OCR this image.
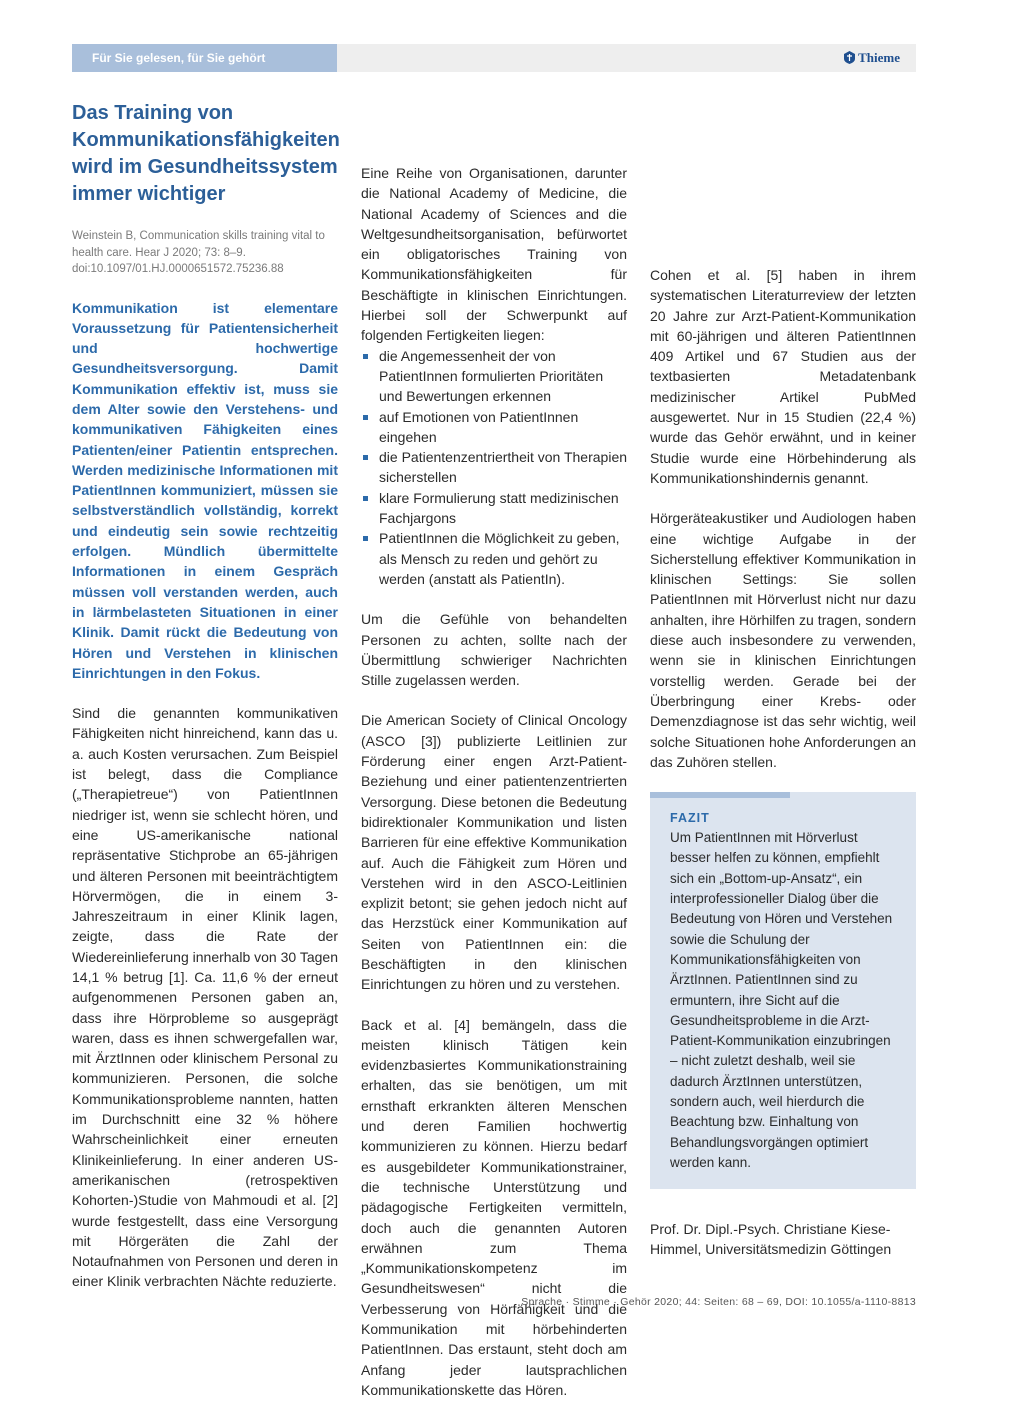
Für Sie gelesen, für Sie gehört	Thieme
Das Training von Kommunikationsfähigkeiten wird im Gesundheitssystem immer wichtiger
Weinstein B, Communication skills training vital to health care. Hear J 2020; 73: 8–9. doi:10.1097/01.HJ.0000651572.75236.88
Kommunikation ist elementare Voraussetzung für Patientensicherheit und hochwertige Gesundheitsversorgung. Damit Kommunikation effektiv ist, muss sie dem Alter sowie den Verstehens- und kommunikativen Fähigkeiten eines Patienten/einer Patientin entsprechen. Werden medizinische Informationen mit PatientInnen kommuniziert, müssen sie selbstverständlich vollständig, korrekt und eindeutig sein sowie rechtzeitig erfolgen. Mündlich übermittelte Informationen in einem Gespräch müssen voll verstanden werden, auch in lärmbelasteten Situationen in einer Klinik. Damit rückt die Bedeutung von Hören und Verstehen in klinischen Einrichtungen in den Fokus.

Sind die genannten kommunikativen Fähigkeiten nicht hinreichend, kann das u. a. auch Kosten verursachen. Zum Beispiel ist belegt, dass die Compliance („Therapietreue“) von PatientInnen niedriger ist, wenn sie schlecht hören, und eine US-amerikanische national repräsentative Stichprobe an 65-jährigen und älteren Personen mit beeinträchtigtem Hörvermögen, die in einem 3-Jahreszeitraum in einer Klinik lagen, zeigte, dass die Rate der Wiedereinlieferung innerhalb von 30 Tagen 14,1 % betrug [1]. Ca. 11,6 % der erneut aufgenommenen Personen gaben an, dass ihre Hörprobleme so ausgeprägt waren, dass es ihnen schwergefallen war, mit ÄrztInnen oder klinischem Personal zu kommunizieren. Personen, die solche Kommunikationsprobleme nannten, hatten im Durchschnitt eine 32 % höhere Wahrscheinlichkeit einer erneuten Klinikeinlieferung. In einer anderen US-amerikanischen (retrospektiven Kohorten-)Studie von Mahmoudi et al. [2] wurde festgestellt, dass eine Versorgung mit Hörgeräten die Zahl der Notaufnahmen von Personen und deren in einer Klinik verbrachten Nächte reduzierte.

Eine Reihe von Organisationen, darunter die National Academy of Medicine, die National Academy of Sciences and die Weltgesundheitsorganisation, befürwortet ein obligatorisches Training von Kommunikationsfähigkeiten für Beschäftigte in klinischen Einrichtungen. Hierbei soll der Schwerpunkt auf folgenden Fertigkeiten liegen:

die Angemessenheit der von PatientInnen formulierten Prioritäten und Bewertungen erkennen
auf Emotionen von PatientInnen eingehen
die Patientenzentriertheit von Therapien sicherstellen
klare Formulierung statt medizinischen Fachjargons
PatientInnen die Möglichkeit zu geben, als Mensch zu reden und gehört zu werden (anstatt als PatientIn).

Um die Gefühle von behandelten Personen zu achten, sollte nach der Übermittlung schwieriger Nachrichten Stille zugelassen werden.

Die American Society of Clinical Oncology (ASCO [3]) publizierte Leitlinien zur Förderung einer engen Arzt-Patient-Beziehung und einer patientenzentrierten Versorgung. Diese betonen die Bedeutung bidirektionaler Kommunikation und listen Barrieren für eine effektive Kommunikation auf. Auch die Fähigkeit zum Hören und Verstehen wird in den ASCO-Leitlinien explizit betont; sie gehen jedoch nicht auf das Herzstück einer Kommunikation auf Seiten von PatientInnen ein: die Beschäftigten in den klinischen Einrichtungen zu hören und zu verstehen.

Back et al. [4] bemängeln, dass die meisten klinisch Tätigen kein evidenzbasiertes Kommunikationstraining erhalten, das sie benötigen, um mit ernsthaft erkrankten älteren Menschen und deren Familien hochwertig kommunizieren zu können. Hierzu bedarf es ausgebildeter Kommunikationstrainer, die technische Unterstützung und pädagogische Fertigkeiten vermitteln, doch auch die genannten Autoren erwähnen zum Thema „Kommunikationskompetenz im Gesundheitswesen“ nicht die Verbesserung von Hörfähigkeit und die Kommunikation mit hörbehinderten PatientInnen. Das erstaunt, steht doch am Anfang jeder lautsprachlichen Kommunikationskette das Hören.

Cohen et al. [5] haben in ihrem systematischen Literaturreview der letzten 20 Jahre zur Arzt-Patient-Kommunikation mit 60-jährigen und älteren PatientInnen 409 Artikel und 67 Studien aus der textbasierten Metadatenbank medizinischer Artikel PubMed ausgewertet. Nur in 15 Studien (22,4 %) wurde das Gehör erwähnt, und in keiner Studie wurde eine Hörbehinderung als Kommunikationshindernis genannt.

Hörgeräteakustiker und Audiologen haben eine wichtige Aufgabe in der Sicherstellung effektiver Kommunikation in klinischen Settings: Sie sollen PatientInnen mit Hörverlust nicht nur dazu anhalten, ihre Hörhilfen zu tragen, sondern diese auch insbesondere zu verwenden, wenn sie in klinischen Einrichtungen vorstellig werden. Gerade bei der Überbringung einer Krebs- oder Demenzdiagnose ist das sehr wichtig, weil solche Situationen hohe Anforderungen an das Zuhören stellen.

FAZIT
Um PatientInnen mit Hörverlust besser helfen zu können, empfiehlt sich ein „Bottom-up-Ansatz“, ein interprofessioneller Dialog über die Bedeutung von Hören und Verstehen sowie die Schulung der Kommunikationsfähigkeiten von ÄrztInnen. PatientInnen sind zu ermuntern, ihre Sicht auf die Gesundheitsprobleme in die Arzt-Patient-Kommunikation einzubringen – nicht zuletzt deshalb, weil sie dadurch ÄrztInnen unterstützen, sondern auch, weil hierdurch die Beachtung bzw. Einhaltung von Behandlungsvorgängen optimiert werden kann.
Prof. Dr. Dipl.-Psych. Christiane Kiese-Himmel, Universitätsmedizin Göttingen
Sprache · Stimme · Gehör 2020; 44: Seiten: 68 – 69, DOI: 10.1055/a-1110-8813
